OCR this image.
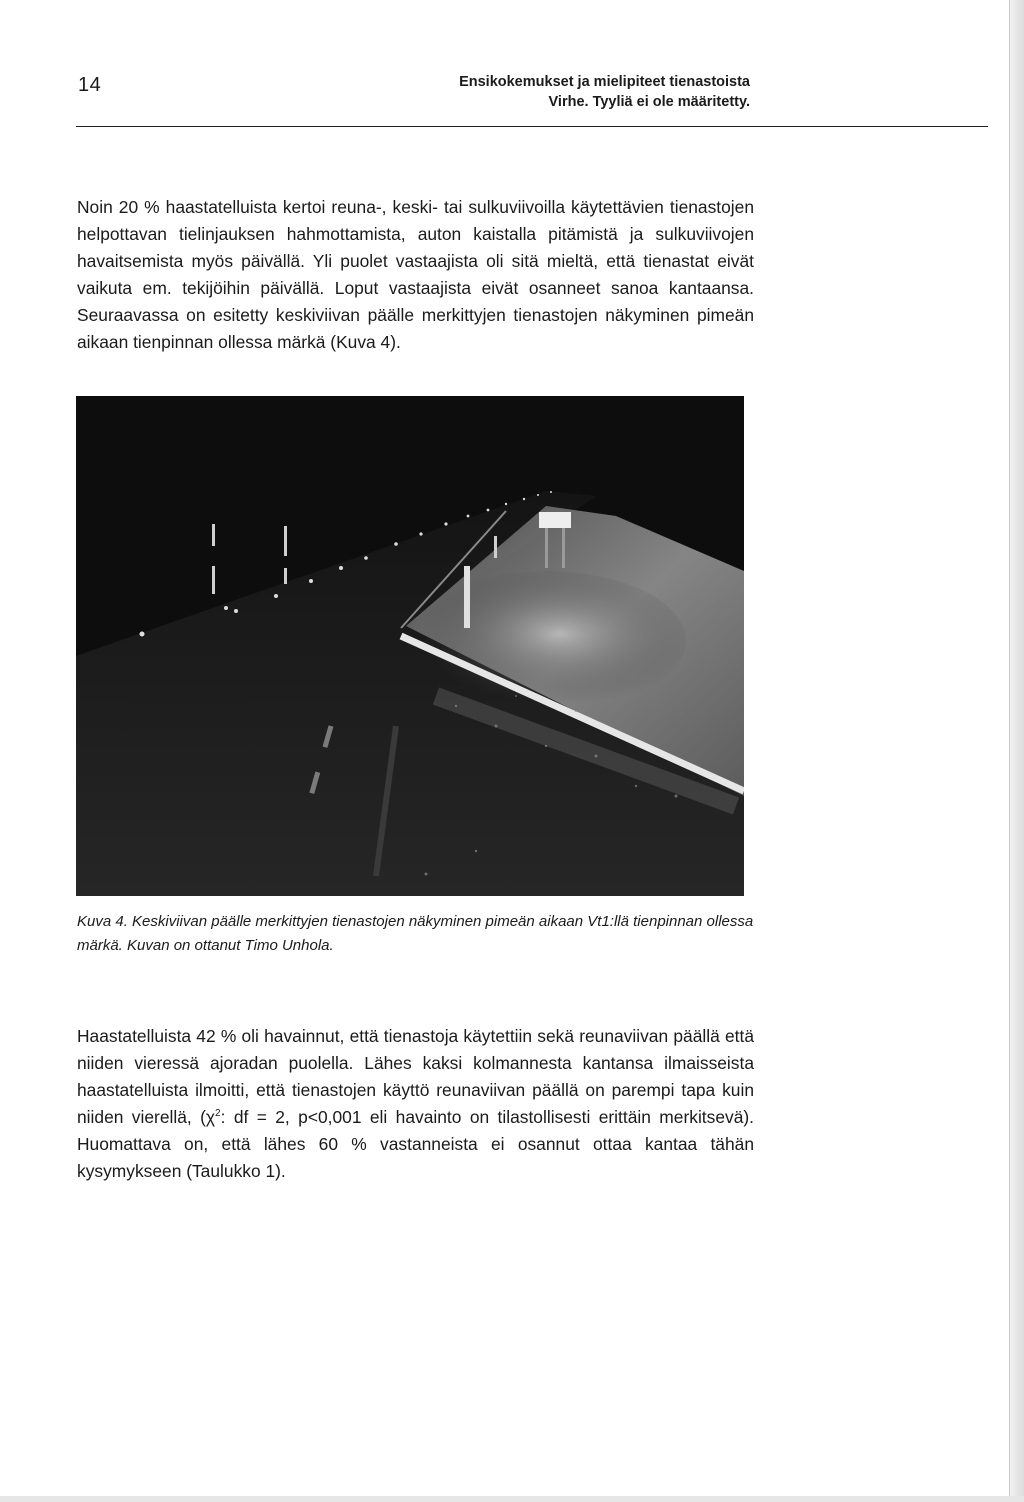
14	Ensikokemukset ja mielipiteet tienastoista
Virhe. Tyyliä ei ole määritetty.
Noin 20 % haastatelluista kertoi reuna-, keski- tai sulkuviivoilla käytettävien tienastojen helpottavan tielinjauksen hahmottamista, auton kaistalla pitämistä ja sulkuviivojen havaitsemista myös päivällä. Yli puolet vastaajista oli sitä mieltä, että tienastat eivät vaikuta em. tekijöihin päivällä. Loput vastaajista eivät osanneet sanoa kantaansa. Seuraavassa on esitetty keskiviivan päälle merkittyjen tienastojen näkyminen pimeän aikaan tienpinnan ollessa märkä (Kuva 4).
Kuva 4. Keskiviivan päälle merkittyjen tienastojen näkyminen pimeän aikaan Vt1:llä tienpinnan ollessa märkä. Kuvan on ottanut Timo Unhola.
Haastatelluista 42 % oli havainnut, että tienastoja käytettiin sekä reunaviivan päällä että niiden vieressä ajoradan puolella. Lähes kaksi kolmannesta kantansa ilmaisseista haastatelluista ilmoitti, että tienastojen käyttö reunaviivan päällä on parempi tapa kuin niiden vierellä, ($\chi^2$: df = 2, p<0,001 eli havainto on tilastollisesti erittäin merkitsevä). Huomattava on, että lähes 60 % vastanneista ei osannut ottaa kantaa tähän kysymykseen (Taulukko 1).
